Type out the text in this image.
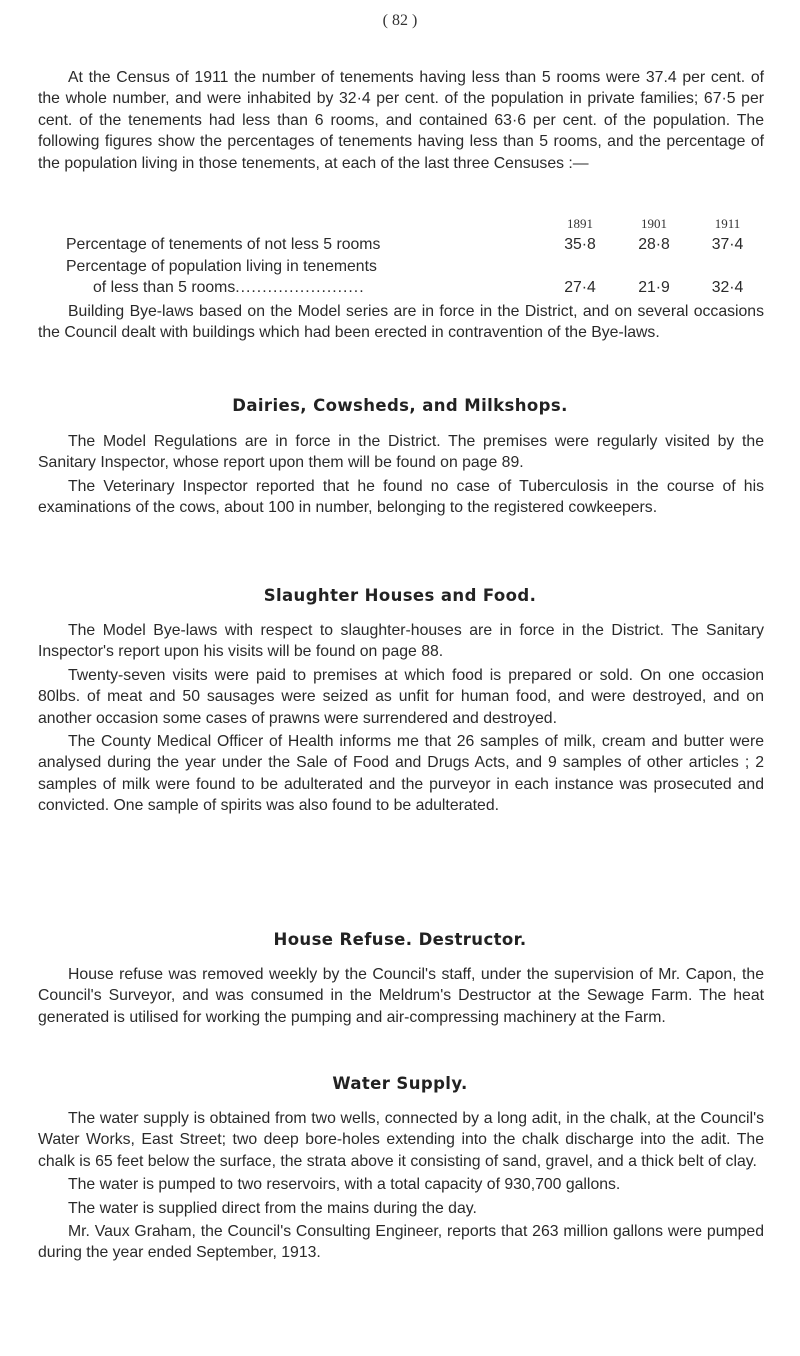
( 82 )

At the Census of 1911 the number of tenements having less than 5 rooms were 37.4 per cent. of the whole number, and were inhabited by 32·4 per cent. of the population in private families; 67·5 per cent. of the tenements had less than 6 rooms, and contained 63·6 per cent. of the population. The following figures show the percentages of tenements having less than 5 rooms, and the percentage of the population living in those tenements, at each of the last three Censuses :—

	1891	1901	1911
Percentage of tenements of not less 5 rooms	35·8	28·8	37·4
Percentage of population living in tenements			
of less than 5 rooms........................	27·4	21·9	32·4

Building Bye-laws based on the Model series are in force in the District, and on several occasions the Council dealt with buildings which had been erected in contravention of the Bye-laws.

Dairies, Cowsheds, and Milkshops.

The Model Regulations are in force in the District. The premises were regularly visited by the Sanitary Inspector, whose report upon them will be found on page 89.

The Veterinary Inspector reported that he found no case of Tuberculosis in the course of his examinations of the cows, about 100 in number, belonging to the registered cowkeepers.

Slaughter Houses and Food.

The Model Bye-laws with respect to slaughter-houses are in force in the District. The Sanitary Inspector's report upon his visits will be found on page 88.

Twenty-seven visits were paid to premises at which food is prepared or sold. On one occasion 80lbs. of meat and 50 sausages were seized as unfit for human food, and were destroyed, and on another occasion some cases of prawns were surrendered and destroyed.

The County Medical Officer of Health informs me that 26 samples of milk, cream and butter were analysed during the year under the Sale of Food and Drugs Acts, and 9 samples of other articles ; 2 samples of milk were found to be adulterated and the purveyor in each instance was prosecuted and convicted. One sample of spirits was also found to be adulterated.

House Refuse. Destructor.

House refuse was removed weekly by the Council's staff, under the supervision of Mr. Capon, the Council's Surveyor, and was consumed in the Meldrum's Destructor at the Sewage Farm. The heat generated is utilised for working the pumping and air-compressing machinery at the Farm.

Water Supply.

The water supply is obtained from two wells, connected by a long adit, in the chalk, at the Council's Water Works, East Street; two deep bore-holes extending into the chalk discharge into the adit. The chalk is 65 feet below the surface, the strata above it consisting of sand, gravel, and a thick belt of clay.

The water is pumped to two reservoirs, with a total capacity of 930,700 gallons.

The water is supplied direct from the mains during the day.

Mr. Vaux Graham, the Council's Consulting Engineer, reports that 263 million gallons were pumped during the year ended September, 1913.
